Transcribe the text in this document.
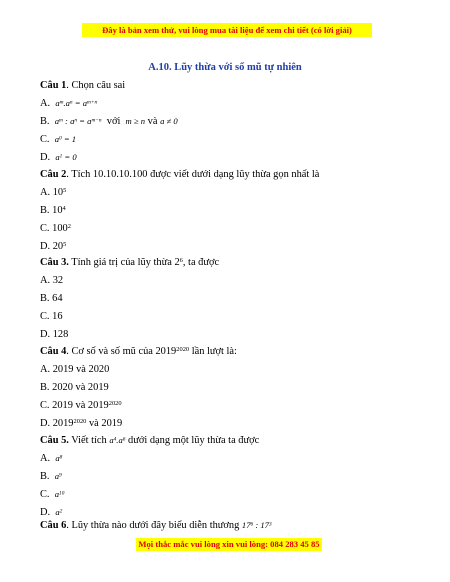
Đây là bản xem thử, vui lòng mua tài liệu để xem chi tiết (có lời giải)
A.10. Lũy thừa với số mũ tự nhiên
Câu 1. Chọn câu sai
A. $a^m.a^n = a^{m+n}$
B. $a^m$ : $a^n = a^{m-n}$ với m ≥ n và a ≠ 0
C. $a^0 = 1$
D. $a^1 = 0$
Câu 2. Tích 10.10.10.100 được viết dưới dạng lũy thừa gọn nhất là
A. $10^5$
B. $10^4$
C. $100^2$
D. $20^5$
Câu 3. Tính giá trị của lũy thừa $2^6$, ta được
A. 32
B. 64
C. 16
D. 128
Câu 4. Cơ số và số mũ của $2019^{2020}$ lần lượt là:
A. 2019 và 2020
B. 2020 và 2019
C. 2019 và $2019^{2020}$
D. $2019^{2020}$ và 2019
Câu 5. Viết tích $a^4.a^6$ dưới dạng một lũy thừa ta được
A. $a^8$
B. $a^9$
C. $a^{10}$
D. $a^2$
Câu 6. Lũy thừa nào dưới đây biểu diễn thương $17^6$ : $17^3$
Mọi thắc mắc vui lòng xin vui lòng: 084 283 45 85
